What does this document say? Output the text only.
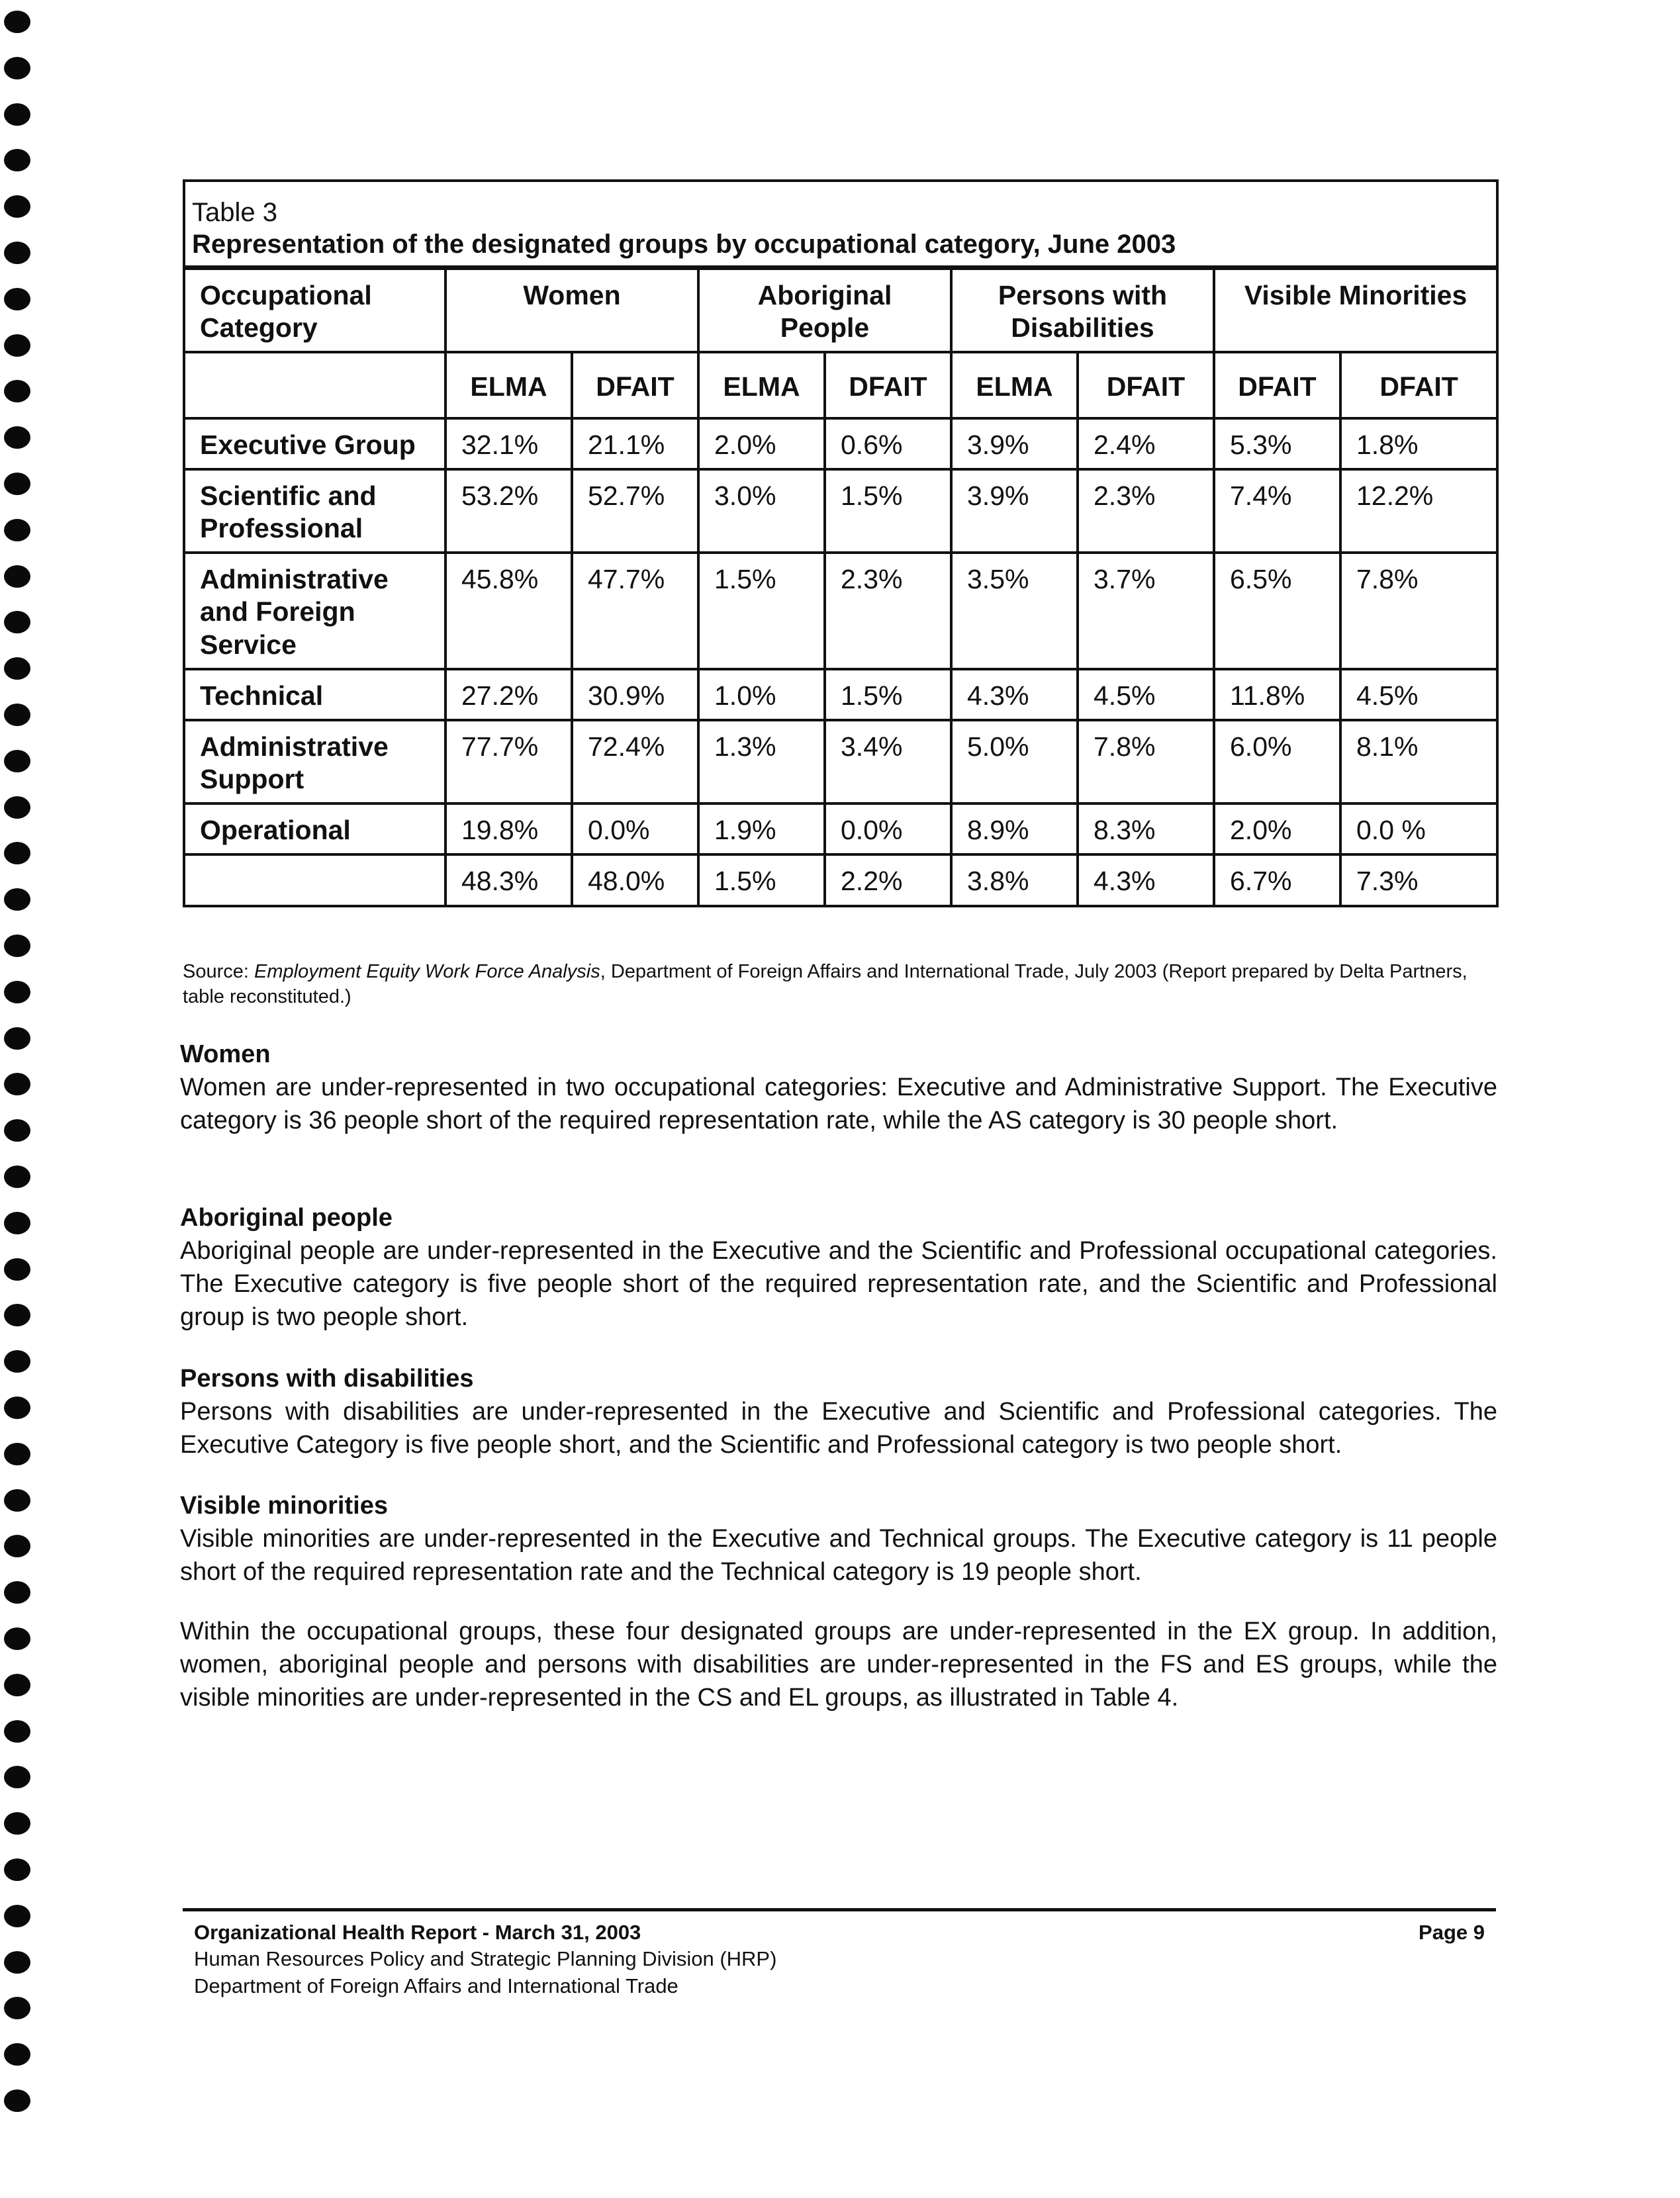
Table 3
Representation of the designated groups by occupational category, June 2003								

Occupational Category	Women		Aboriginal People		Persons with Disabilities		Visible Minorities	
	ELMA	DFAIT	ELMA	DFAIT	ELMA	DFAIT	DFAIT	DFAIT
Executive Group	32.1%	21.1%	2.0%	0.6%	3.9%	2.4%	5.3%	1.8%
Scientific and Professional	53.2%	52.7%	3.0%	1.5%	3.9%	2.3%	7.4%	12.2%
Administrative and Foreign Service	45.8%	47.7%	1.5%	2.3%	3.5%	3.7%	6.5%	7.8%
Technical	27.2%	30.9%	1.0%	1.5%	4.3%	4.5%	11.8%	4.5%
Administrative Support	77.7%	72.4%	1.3%	3.4%	5.0%	7.8%	6.0%	8.1%
Operational	19.8%	0.0%	1.9%	0.0%	8.9%	8.3%	2.0%	0.0 %
	48.3%	48.0%	1.5%	2.2%	3.8%	4.3%	6.7%	7.3%
Source: Employment Equity Work Force Analysis, Department of Foreign Affairs and International Trade, July 2003 (Report prepared by Delta Partners, table reconstituted.)
Women

Women are under-represented in two occupational categories: Executive and Administrative Support. The Executive category is 36 people short of the required representation rate, while the AS category is 30 people short.

Aboriginal people

Aboriginal people are under-represented in the Executive and the Scientific and Professional occupational categories. The Executive category is five people short of the required representation rate, and the Scientific and Professional group is two people short.

Persons with disabilities

Persons with disabilities are under-represented in the Executive and Scientific and Professional categories. The Executive Category is five people short, and the Scientific and Professional category is two people short.

Visible minorities

Visible minorities are under-represented in the Executive and Technical groups. The Executive category is 11 people short of the required representation rate and the Technical category is 19 people short.

Within the occupational groups, these four designated groups are under-represented in the EX group. In addition, women, aboriginal people and persons with disabilities are under-represented in the FS and ES groups, while the visible minorities are under-represented in the CS and EL groups, as illustrated in Table 4.

Organizational Health Report - March 31, 2003
Human Resources Policy and Strategic Planning Division (HRP)
Department of Foreign Affairs and International Trade
Page 9
